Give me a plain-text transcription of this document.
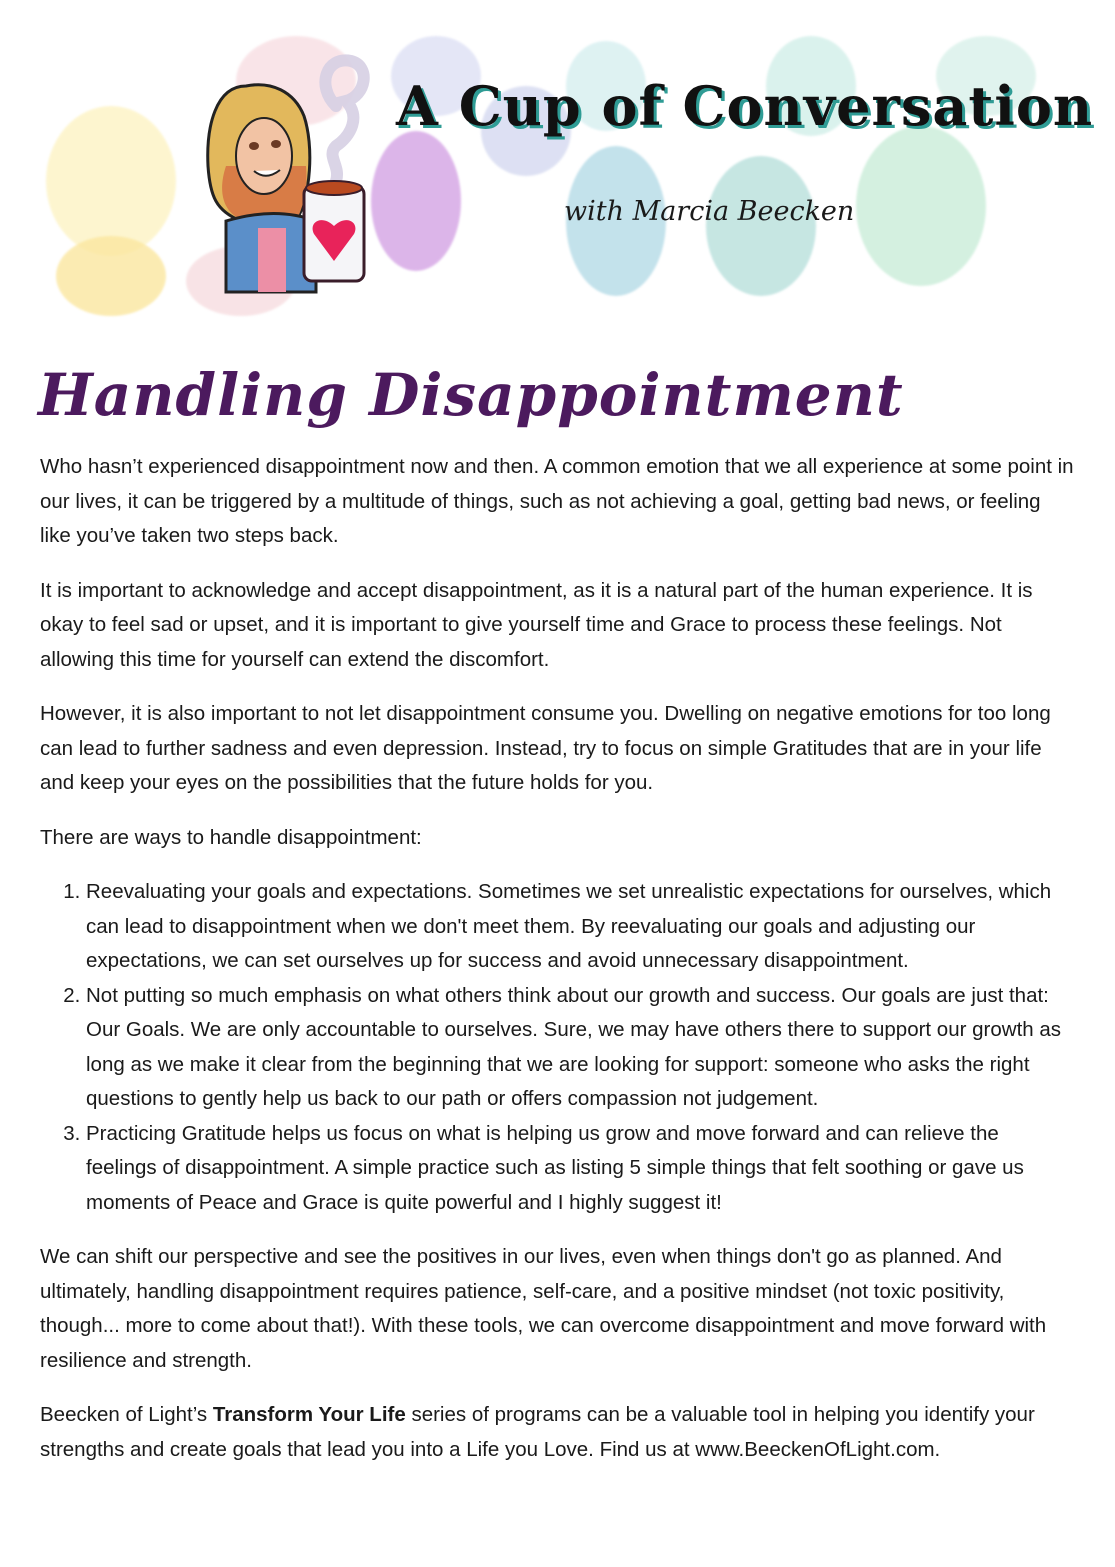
A Cup of Conversation
with Marcia Beecken
Handling Disappointment

Who hasn’t experienced disappointment now and then. A common emotion that we all experience at some point in our lives, it can be triggered by a multitude of things, such as not achieving a goal, getting bad news, or feeling like you’ve taken two steps back.

It is important to acknowledge and accept disappointment, as it is a natural part of the human experience. It is okay to feel sad or upset, and it is important to give yourself time and Grace to process these feelings. Not allowing this time for yourself can extend the discomfort.

However, it is also important to not let disappointment consume you. Dwelling on negative emotions for too long can lead to further sadness and even depression. Instead, try to focus on simple Gratitudes that are in your life and keep your eyes on the possibilities that the future holds for you.

There are ways to handle disappointment:

1. Reevaluating your goals and expectations. Sometimes we set unrealistic expectations for ourselves, which can lead to disappointment when we don't meet them. By reevaluating our goals and adjusting our expectations, we can set ourselves up for success and avoid unnecessary disappointment.
2. Not putting so much emphasis on what others think about our growth and success. Our goals are just that: Our Goals. We are only accountable to ourselves. Sure, we may have others there to support our growth as long as we make it clear from the beginning that we are looking for support: someone who asks the right questions to gently help us back to our path or offers compassion not judgement.
3. Practicing Gratitude helps us focus on what is helping us grow and move forward and can relieve the feelings of disappointment. A simple practice such as listing 5 simple things that felt soothing or gave us moments of Peace and Grace is quite powerful and I highly suggest it!

We can shift our perspective and see the positives in our lives, even when things don't go as planned. And ultimately, handling disappointment requires patience, self-care, and a positive mindset (not toxic positivity, though... more to come about that!). With these tools, we can overcome disappointment and move forward with resilience and strength.

Beecken of Light’s Transform Your Life series of programs can be a valuable tool in helping you identify your strengths and create goals that lead you into a Life you Love. Find us at www.BeeckenOfLight.com.
